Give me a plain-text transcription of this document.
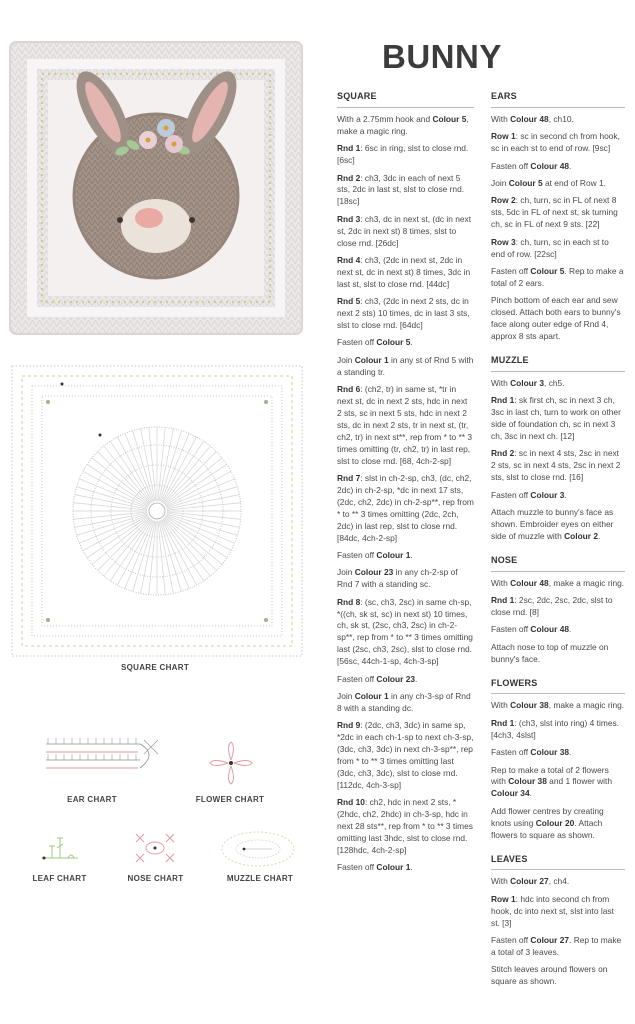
SQUARE CHART
EAR CHART	FLOWER CHART
LEAF CHART	NOSE CHART	MUZZLE CHART
BUNNY
SQUARE

With a 2.75mm hook and Colour 5, make a magic ring.

Rnd 1: 6sc in ring, slst to close rnd. [6sc]

Rnd 2: ch3, 3dc in each of next 5 sts, 2dc in last st, slst to close rnd. [18sc]

Rnd 3: ch3, dc in next st, (dc in next st, 2dc in next st) 8 times, slst to close rnd. [26dc]

Rnd 4: ch3, (2dc in next st, 2dc in next st, dc in next st) 8 times, 3dc in last st, slst to close rnd. [44dc]

Rnd 5: ch3, (2dc in next 2 sts, dc in next 2 sts) 10 times, dc in last 3 sts, slst to close rnd. [64dc]

Fasten off Colour 5.

Join Colour 1 in any st of Rnd 5 with a standing tr.

Rnd 6: (ch2, tr) in same st, *tr in next st, dc in next 2 sts, hdc in next 2 sts, sc in next 5 sts, hdc in next 2 sts, dc in next 2 sts, tr in next st, (tr, ch2, tr) in next st**, rep from * to ** 3 times omitting (tr, ch2, tr) in last rep, slst to close rnd. [68, 4ch-2-sp]

Rnd 7: slst in ch-2-sp, ch3, (dc, ch2, 2dc) in ch-2-sp, *dc in next 17 sts, (2dc, ch2, 2dc) in ch-2-sp**, rep from * to ** 3 times omitting (2dc, 2ch, 2dc) in last rep, slst to close rnd. [84dc, 4ch-2-sp]

Fasten off Colour 1.

Join Colour 23 in any ch-2-sp of Rnd 7 with a standing sc.

Rnd 8: (sc, ch3, 2sc) in same ch-sp, *((ch, sk st, sc) in next st) 10 times, ch, sk st, (2sc, ch3, 2sc) in ch-2-sp**, rep from * to ** 3 times omitting last (2sc, ch3, 2sc), slst to close rnd. [56sc, 44ch-1-sp, 4ch-3-sp]

Fasten off Colour 23.

Join Colour 1 in any ch-3-sp of Rnd 8 with a standing dc.

Rnd 9: (2dc, ch3, 3dc) in same sp, *2dc in each ch-1-sp to next ch-3-sp, (3dc, ch3, 3dc) in next ch-3-sp**, rep from * to ** 3 times omitting last (3dc, ch3, 3dc), slst to close rnd. [112dc, 4ch-3-sp]

Rnd 10: ch2, hdc in next 2 sts, *(2hdc, ch2, 2hdc) in ch-3-sp, hdc in next 28 sts**, rep from * to ** 3 times omitting last 3hdc, slst to close rnd. [128hdc, 4ch-2-sp]

Fasten off Colour 1.

EARS

With Colour 48, ch10.

Row 1: sc in second ch from hook, sc in each st to end of row. [9sc]

Fasten off Colour 48.

Join Colour 5 at end of Row 1.

Row 2: ch, turn, sc in FL of next 8 sts, 5dc in FL of next st, sk turning ch, sc in FL of next 9 sts. [22]

Row 3: ch, turn, sc in each st to end of row. [22sc]

Fasten off Colour 5. Rep to make a total of 2 ears.

Pinch bottom of each ear and sew closed. Attach both ears to bunny's face along outer edge of Rnd 4, approx 8 sts apart.

MUZZLE

With Colour 3, ch5.

Rnd 1: sk first ch, sc in next 3 ch, 3sc in last ch, turn to work on other side of foundation ch, sc in next 3 ch, 3sc in next ch. [12]

Rnd 2: sc in next 4 sts, 2sc in next 2 sts, sc in next 4 sts, 2sc in next 2 sts, slst to close rnd. [16]

Fasten off Colour 3.

Attach muzzle to bunny's face as shown. Embroider eyes on either side of muzzle with Colour 2.

NOSE

With Colour 48, make a magic ring.

Rnd 1: 2sc, 2dc, 2sc, 2dc, slst to close rnd. [8]

Fasten off Colour 48.

Attach nose to top of muzzle on bunny's face.

FLOWERS

With Colour 38, make a magic ring.

Rnd 1: (ch3, slst into ring) 4 times. [4ch3, 4slst]

Fasten off Colour 38.

Rep to make a total of 2 flowers with Colour 38 and 1 flower with Colour 34.

Add flower centres by creating knots using Colour 20. Attach flowers to square as shown.

LEAVES

With Colour 27, ch4.

Row 1: hdc into second ch from hook, dc into next st, slst into last st. [3]

Fasten off Colour 27. Rep to make a total of 3 leaves.

Stitch leaves around flowers on square as shown.
